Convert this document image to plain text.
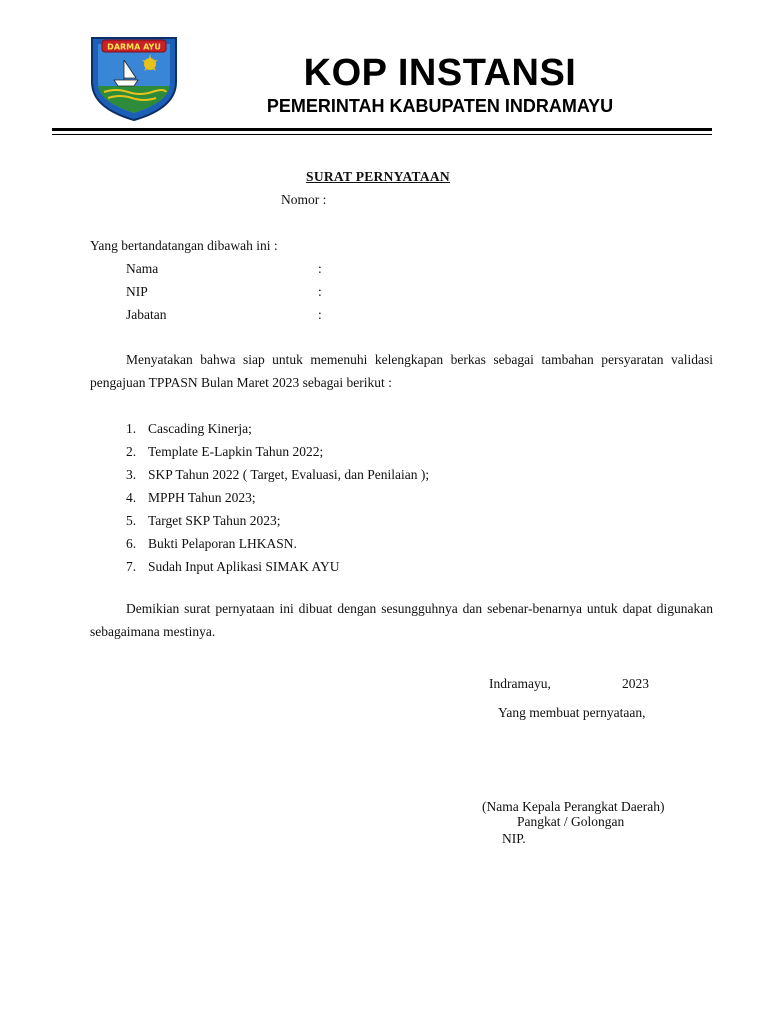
DARMA AYU
KOP INSTANSI
PEMERINTAH KABUPATEN INDRAMAYU
SURAT PERNYATAAN
Nomor :
Yang bertandatangan dibawah ini :
Nama	:
NIP	:
Jabatan	:
Menyatakan bahwa siap untuk memenuhi kelengkapan berkas sebagai tambahan persyaratan validasi pengajuan TPPASN Bulan Maret 2023 sebagai berikut :
1. Cascading Kinerja;
2. Template E-Lapkin Tahun 2022;
3. SKP Tahun 2022 ( Target, Evaluasi, dan Penilaian );
4. MPPH Tahun 2023;
5. Target SKP Tahun 2023;
6. Bukti Pelaporan LHKASN.
7. Sudah Input Aplikasi SIMAK AYU
Demikian surat pernyataan ini dibuat dengan sesungguhnya dan sebenar-benarnya untuk dapat digunakan sebagaimana mestinya.
Indramayu,	2023
Yang membuat pernyataan,
(Nama Kepala Perangkat Daerah)
Pangkat / Golongan
NIP.
